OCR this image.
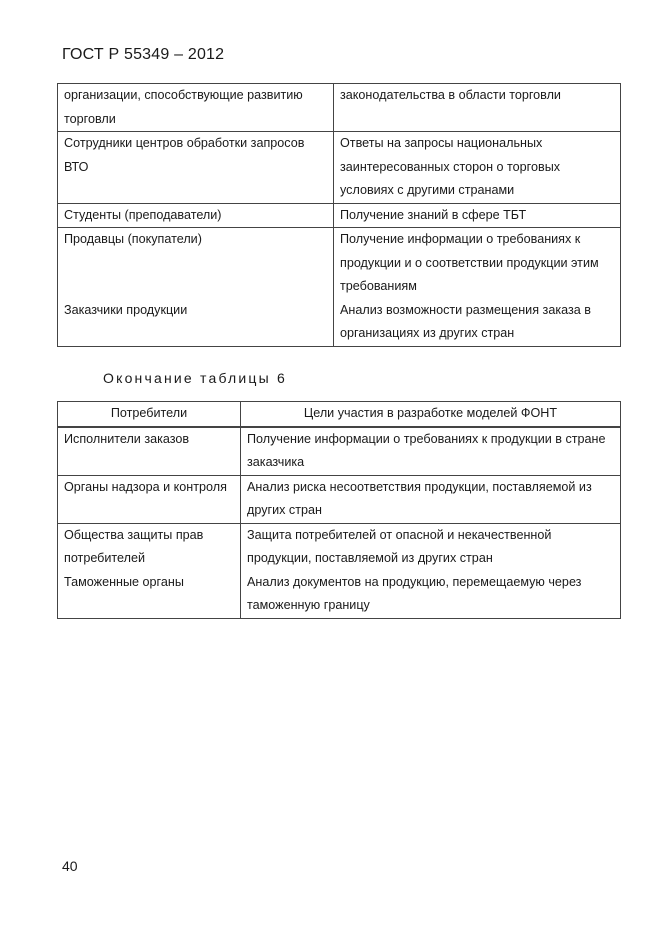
ГОСТ Р 55349 – 2012
организации, способствующие развитию торговли	законодательства в области торговли
Сотрудники центров обработки запросов ВТО	Ответы на запросы национальных заинтересованных сторон о торговых условиях с другими странами
Студенты (преподаватели)	Получение знаний в сфере ТБТ
Продавцы (покупатели)	Получение информации о требованиях к продукции и о соответствии продукции этим требованиям
Заказчики продукции	Анализ возможности размещения заказа в организациях из других стран
Окончание таблицы 6
Потребители	Цели участия в разработке моделей ФОНТ
Исполнители заказов	Получение информации о требованиях к продукции в стране заказчика
Органы надзора и контроля	Анализ риска несоответствия продукции, поставляемой из других стран
Общества защиты прав потребителей	Защита потребителей от опасной и некачественной продукции, поставляемой из других стран
Таможенные органы	Анализ документов на продукцию, перемещаемую через таможенную границу
40
